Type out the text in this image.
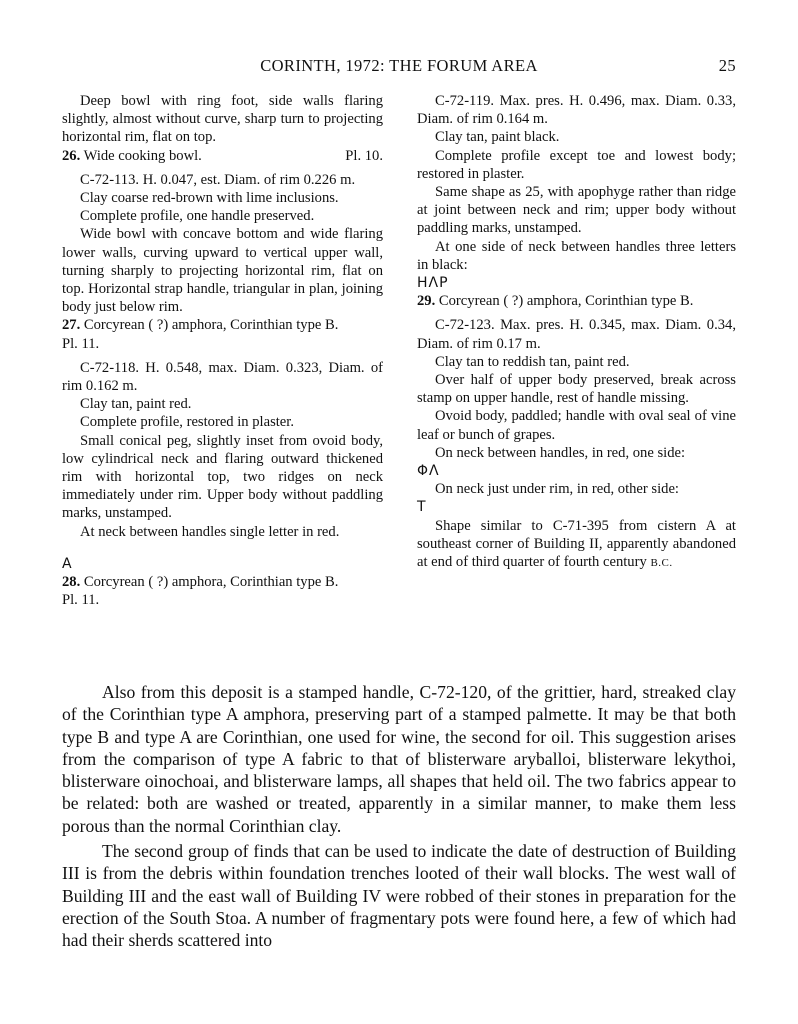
CORINTH, 1972: THE FORUM AREA	25

Deep bowl with ring foot, side walls flaring slightly, almost without curve, sharp turn to projecting horizontal rim, flat on top.

26. Wide cooking bowl.	Pl. 10.

C-72-113. H. 0.047, est. Diam. of rim 0.226 m.

Clay coarse red-brown with lime inclusions.

Complete profile, one handle preserved.

Wide bowl with concave bottom and wide flaring lower walls, curving upward to vertical upper wall, turning sharply to projecting horizontal rim, flat on top. Horizontal strap handle, triangular in plan, joining body just below rim.

27. Corcyrean ( ?) amphora, Corinthian type B.

Pl. 11.

C-72-118. H. 0.548, max. Diam. 0.323, Diam. of rim 0.162 m.

Clay tan, paint red.

Complete profile, restored in plaster.

Small conical peg, slightly inset from ovoid body, low cylindrical neck and flaring outward thickened rim with horizontal top, two ridges on neck immediately under rim. Upper body without paddling marks, unstamped.

At neck between handles single letter in red.

A

28. Corcyrean ( ?) amphora, Corinthian type B.

Pl. 11.

C-72-119. Max. pres. H. 0.496, max. Diam. 0.33, Diam. of rim 0.164 m.

Clay tan, paint black.

Complete profile except toe and lowest body; restored in plaster.

Same shape as 25, with apophyge rather than ridge at joint between neck and rim; upper body without paddling marks, unstamped.

At one side of neck between handles three letters in black:

HΛP

29. Corcyrean ( ?) amphora, Corinthian type B.

C-72-123. Max. pres. H. 0.345, max. Diam. 0.34, Diam. of rim 0.17 m.

Clay tan to reddish tan, paint red.

Over half of upper body preserved, break across stamp on upper handle, rest of handle missing.

Ovoid body, paddled; handle with oval seal of vine leaf or bunch of grapes.

On neck between handles, in red, one side:

ΦΛ

On neck just under rim, in red, other side:

T

Shape similar to C-71-395 from cistern A at southeast corner of Building II, apparently abandoned at end of third quarter of fourth century B.C.

Also from this deposit is a stamped handle, C-72-120, of the grittier, hard, streaked clay of the Corinthian type A amphora, preserving part of a stamped palmette. It may be that both type B and type A are Corinthian, one used for wine, the second for oil. This suggestion arises from the comparison of type A fabric to that of blisterware aryballoi, blisterware lekythoi, blisterware oinochoai, and blisterware lamps, all shapes that held oil. The two fabrics appear to be related: both are washed or treated, apparently in a similar manner, to make them less porous than the normal Corinthian clay.

The second group of finds that can be used to indicate the date of destruction of Building III is from the debris within foundation trenches looted of their wall blocks. The west wall of Building III and the east wall of Building IV were robbed of their stones in preparation for the erection of the South Stoa. A number of fragmentary pots were found here, a few of which had had their sherds scattered into
